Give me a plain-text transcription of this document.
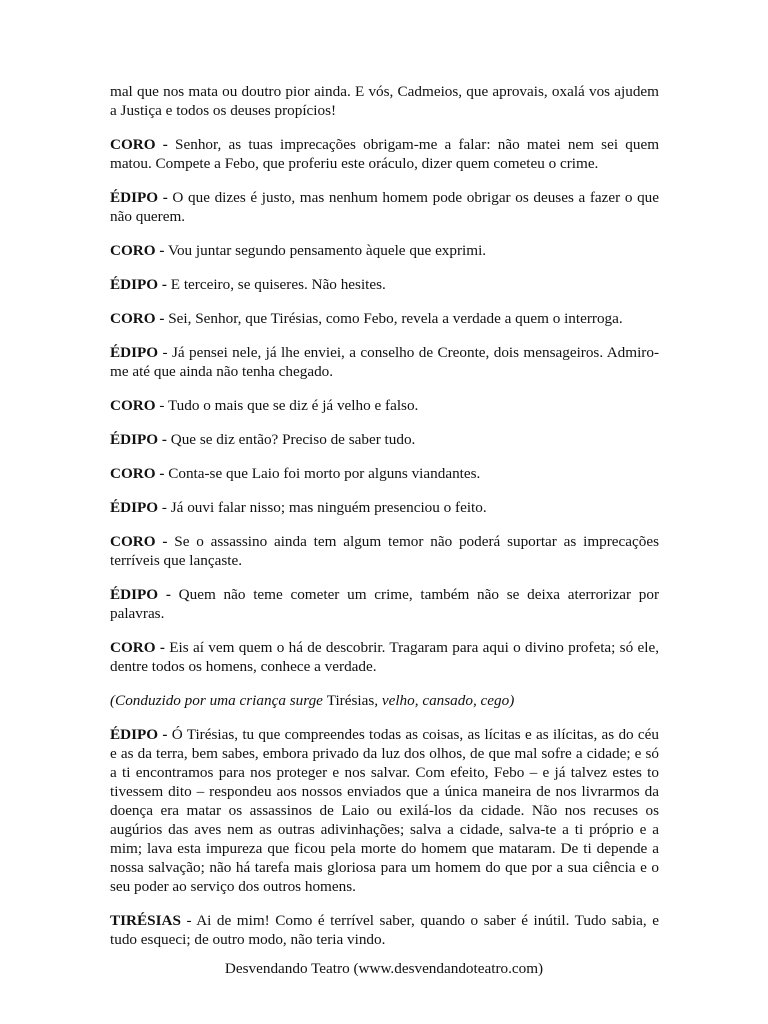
mal que nos mata ou doutro pior ainda. E vós, Cadmeios, que aprovais, oxalá vos ajudem a Justiça e todos os deuses propícios!

CORO - Senhor, as tuas imprecações obrigam-me a falar: não matei nem sei quem matou. Compete a Febo, que proferiu este oráculo, dizer quem cometeu o crime.

ÉDIPO - O que dizes é justo, mas nenhum homem pode obrigar os deuses a fazer o que não querem.

CORO - Vou juntar segundo pensamento àquele que exprimi.

ÉDIPO - E terceiro, se quiseres. Não hesites.

CORO - Sei, Senhor, que Tirésias, como Febo, revela a verdade a quem o interroga.

ÉDIPO - Já pensei nele, já lhe enviei, a conselho de Creonte, dois mensageiros. Admiro-me até que ainda não tenha chegado.

CORO - Tudo o mais que se diz é já velho e falso.

ÉDIPO - Que se diz então? Preciso de saber tudo.

CORO - Conta-se que Laio foi morto por alguns viandantes.

ÉDIPO - Já ouvi falar nisso; mas ninguém presenciou o feito.

CORO - Se o assassino ainda tem algum temor não poderá suportar as imprecações terríveis que lançaste.

ÉDIPO - Quem não teme cometer um crime, também não se deixa aterrorizar por palavras.

CORO - Eis aí vem quem o há de descobrir. Tragaram para aqui o divino profeta; só ele, dentre todos os homens, conhece a verdade.

(Conduzido por uma criança surge Tirésias, velho, cansado, cego)

ÉDIPO - Ó Tirésias, tu que compreendes todas as coisas, as lícitas e as ilícitas, as do céu e as da terra, bem sabes, embora privado da luz dos olhos, de que mal sofre a cidade; e só a ti encontramos para nos proteger e nos salvar. Com efeito, Febo – e já talvez estes to tivessem dito – respondeu aos nossos enviados que a única maneira de nos livrarmos da doença era matar os assassinos de Laio ou exilá-los da cidade. Não nos recuses os augúrios das aves nem as outras adivinhações; salva a cidade, salva-te a ti próprio e a mim; lava esta impureza que ficou pela morte do homem que mataram. De ti depende a nossa salvação; não há tarefa mais gloriosa para um homem do que por a sua ciência e o seu poder ao serviço dos outros homens.

TIRÉSIAS - Ai de mim! Como é terrível saber, quando o saber é inútil. Tudo sabia, e tudo esqueci; de outro modo, não teria vindo.

Desvendando Teatro (www.desvendandoteatro.com)
